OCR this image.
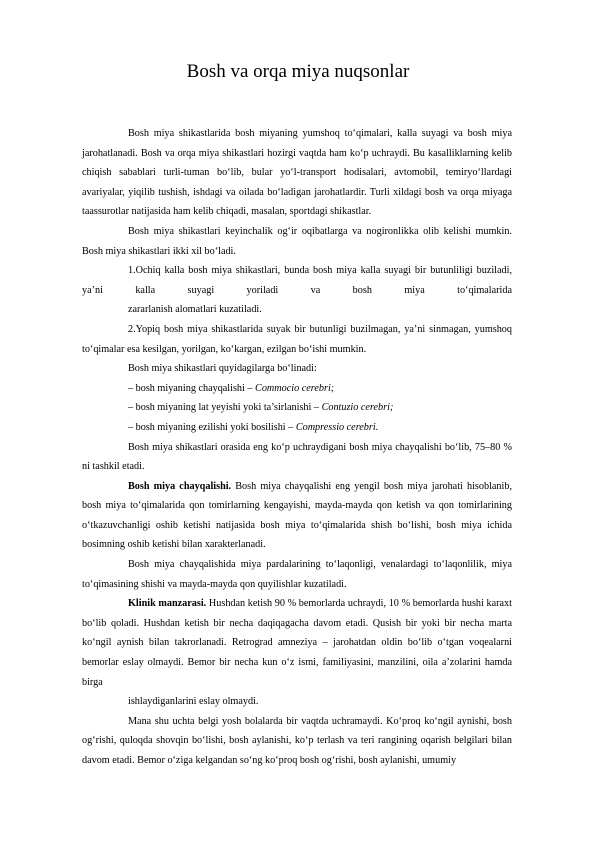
Bosh va orqa miya nuqsonlar

Bosh miya shikastlarida bosh miyaning yumshoq to‘qimalari, kalla suyagi va bosh miya jarohatlanadi. Bosh va orqa miya shikastlari hozirgi vaqtda ham ko‘p uchraydi. Bu kasalliklarning kelib chiqish sabablari turli-tuman bo‘lib, bular yo‘l-transport hodisalari, avtomobil, temiryo‘llardagi avariyalar, yiqilib tushish, ishdagi va oilada bo‘ladigan jarohatlardir. Turli xildagi bosh va orqa miyaga taassurotlar natijasida ham kelib chiqadi, masalan, sportdagi shikastlar.

Bosh miya shikastlari keyinchalik og‘ir oqibatlarga va nogironlikka olib kelishi mumkin. Bosh miya shikastlari ikki xil bo‘ladi.

1.Ochiq kalla bosh miya shikastlari, bunda bosh miya kalla suyagi bir butunliligi buziladi, ya’ni kalla suyagi yoriladi va bosh miya to‘qimalarida

zararlanish alomatlari kuzatiladi.

2.Yopiq bosh miya shikastlarida suyak bir butunligi buzilmagan, ya’ni sinmagan, yumshoq to‘qimalar esa kesilgan, yorilgan, ko‘kargan, ezilgan bo‘ishi mumkin.

Bosh miya shikastlari quyidagilarga bo‘linadi:

– bosh miyaning chayqalishi – Commocio cerebri;

– bosh miyaning lat yeyishi yoki ta’sirlanishi – Contuzio cerebri;

– bosh miyaning ezilishi yoki bosilishi – Compressio cerebri.

Bosh miya shikastlari orasida eng ko‘p uchraydigani bosh miya chayqalishi bo‘lib, 75–80 % ni tashkil etadi.

Bosh miya chayqalishi. Bosh miya chayqalishi eng yengil bosh miya jarohati hisoblanib, bosh miya to‘qimalarida qon tomirlarning kengayishi, mayda-mayda qon ketish va qon tomirlarining o‘tkazuvchanligi oshib ketishi natijasida bosh miya to‘qimalarida shish bo‘lishi, bosh miya ichida bosimning oshib ketishi bilan xarakterlanadi.

Bosh miya chayqalishida miya pardalarining to‘laqonligi, venalardagi to‘laqonlilik, miya to‘qimasining shishi va mayda-mayda qon quyilishlar kuzatiladi.

Klinik manzarasi. Hushdan ketish 90 % bemorlarda uchraydi, 10 % bemorlarda hushi karaxt bo‘lib qoladi. Hushdan ketish bir necha daqiqagacha davom etadi. Qusish bir yoki bir necha marta ko‘ngil aynish bilan takrorlanadi. Retrograd amneziya – jarohatdan oldin bo‘lib o‘tgan voqealarni bemorlar eslay olmaydi. Bemor bir necha kun o‘z ismi, familiyasini, manzilini, oila a’zolarini hamda birga

ishlaydiganlarini eslay olmaydi.

Mana shu uchta belgi yosh bolalarda bir vaqtda uchramaydi. Ko‘proq ko‘ngil aynishi, bosh og‘rishi, quloqda shovqin bo‘lishi, bosh aylanishi, ko‘p terlash va teri rangining oqarish belgilari bilan davom etadi. Bemor o‘ziga kelgandan so‘ng ko‘proq bosh og‘rishi, bosh aylanishi, umumiy
